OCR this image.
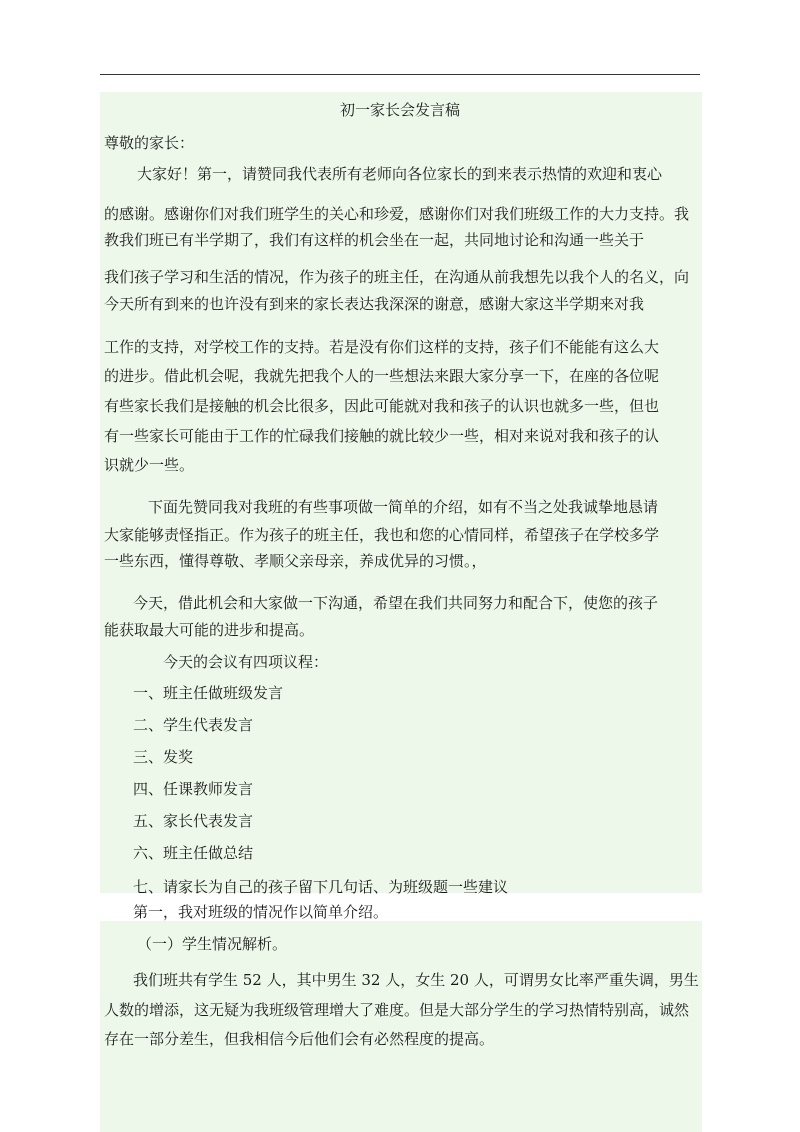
初一家长会发言稿
尊敬的家长：
大家好！第一，请赞同我代表所有老师向各位家长的到来表示热情的欢迎和衷心
的感谢。感谢你们对我们班学生的关心和珍爱，感谢你们对我们班级工作的大力支持。我
教我们班已有半学期了，我们有这样的机会坐在一起，共同地讨论和沟通一些关于
我们孩子学习和生活的情况，作为孩子的班主任，在沟通从前我想先以我个人的名义，向
今天所有到来的也许没有到来的家长表达我深深的谢意，感谢大家这半学期来对我
工作的支持，对学校工作的支持。若是没有你们这样的支持，孩子们不能能有这么大
的进步。借此机会呢，我就先把我个人的一些想法来跟大家分享一下，在座的各位呢
有些家长我们是接触的机会比很多，因此可能就对我和孩子的认识也就多一些，但也
有一些家长可能由于工作的忙碌我们接触的就比较少一些，相对来说对我和孩子的认
识就少一些。
下面先赞同我对我班的有些事项做一简单的介绍，如有不当之处我诚挚地恳请
大家能够责怪指正。作为孩子的班主任，我也和您的心情同样，希望孩子在学校多学
一些东西，懂得尊敬、孝顺父亲母亲，养成优异的习惯。，
今天，借此机会和大家做一下沟通，希望在我们共同努力和配合下，使您的孩子
能获取最大可能的进步和提高。
今天的会议有四项议程：
一、班主任做班级发言
二、学生代表发言
三、发奖
四、任课教师发言
五、家长代表发言
六、班主任做总结
七、请家长为自己的孩子留下几句话、为班级题一些建议
第一，我对班级的情况作以简单介绍。
（一）学生情况解析。
我们班共有学生 52 人，其中男生 32 人，女生 20 人，可谓男女比率严重失调，男生
人数的增添，这无疑为我班级管理增大了难度。但是大部分学生的学习热情特别高，诚然
存在一部分差生，但我相信今后他们会有必然程度的提高。
